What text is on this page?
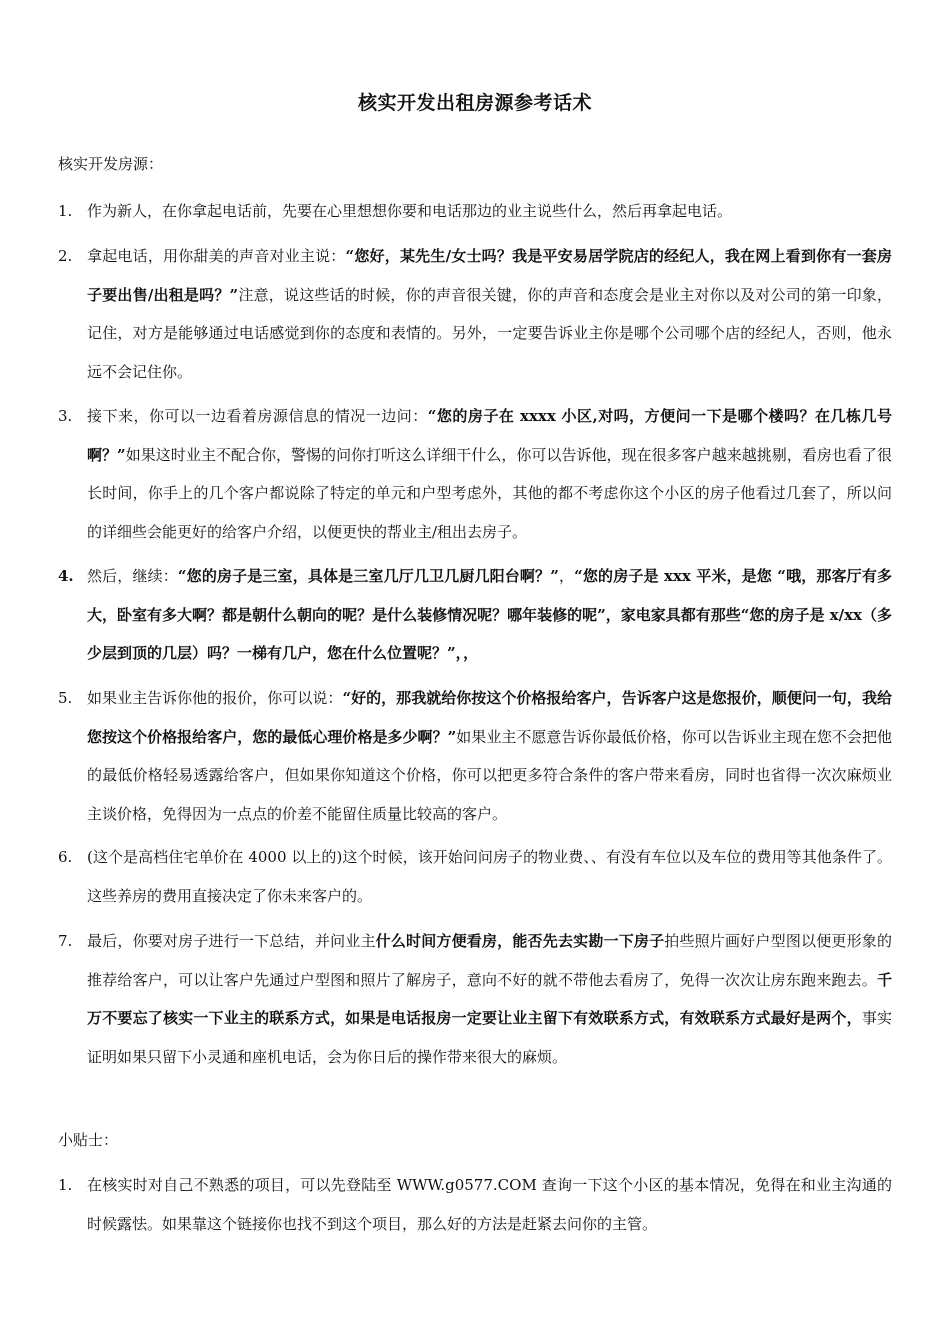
核实开发出租房源参考话术
核实开发房源：
1. 作为新人，在你拿起电话前，先要在心里想想你要和电话那边的业主说些什么，然后再拿起电话。
2. 拿起电话，用你甜美的声音对业主说：“您好，某先生/女士吗？我是平安易居学院店的经纪人，我在网上看到你有一套房子要出售/出租是吗？”注意，说这些话的时候，你的声音很关键，你的声音和态度会是业主对你以及对公司的第一印象，记住，对方是能够通过电话感觉到你的态度和表情的。另外，一定要告诉业主你是哪个公司哪个店的经纪人，否则，他永远不会记住你。
3. 接下来，你可以一边看着房源信息的情况一边问：“您的房子在 xxxx 小区,对吗，方便问一下是哪个楼吗？在几栋几号啊？”如果这时业主不配合你，警惕的问你打听这么详细干什么，你可以告诉他，现在很多客户越来越挑剔，看房也看了很长时间，你手上的几个客户都说除了特定的单元和户型考虑外，其他的都不考虑你这个小区的房子他看过几套了，所以问的详细些会能更好的给客户介绍，以便更快的帮业主/租出去房子。
4. 然后，继续：“您的房子是三室，具体是三室几厅几卫几厨几阳台啊？”，“您的房子是 xxx 平米，是您 “哦，那客厅有多大，卧室有多大啊？都是朝什么朝向的呢？是什么装修情况呢？哪年装修的呢”，家电家具都有那些“您的房子是 x/xx（多少层到顶的几层）吗？一梯有几户，您在什么位置呢？”，，
5. 如果业主告诉你他的报价，你可以说：“好的，那我就给你按这个价格报给客户，告诉客户这是您报价，顺便问一句，我给您按这个价格报给客户，您的最低心理价格是多少啊？”如果业主不愿意告诉你最低价格，你可以告诉业主现在您不会把他的最低价格轻易透露给客户，但如果你知道这个价格，你可以把更多符合条件的客户带来看房，同时也省得一次次麻烦业主谈价格，免得因为一点点的价差不能留住质量比较高的客户。
6. (这个是高档住宅单价在 4000 以上的)这个时候，该开始问问房子的物业费、、有没有车位以及车位的费用等其他条件了。这些养房的费用直接决定了你未来客户的。
7. 最后，你要对房子进行一下总结，并问业主什么时间方便看房，能否先去实勘一下房子拍些照片画好户型图以便更形象的推荐给客户，可以让客户先通过户型图和照片了解房子，意向不好的就不带他去看房了，免得一次次让房东跑来跑去。千万不要忘了核实一下业主的联系方式，如果是电话报房一定要让业主留下有效联系方式，有效联系方式最好是两个，事实证明如果只留下小灵通和座机电话，会为你日后的操作带来很大的麻烦。
小贴士：
1. 在核实时对自己不熟悉的项目，可以先登陆至 WWW.g0577.COM 查询一下这个小区的基本情况，免得在和业主沟通的时候露怯。如果靠这个链接你也找不到这个项目，那么好的方法是赶紧去问你的主管。
